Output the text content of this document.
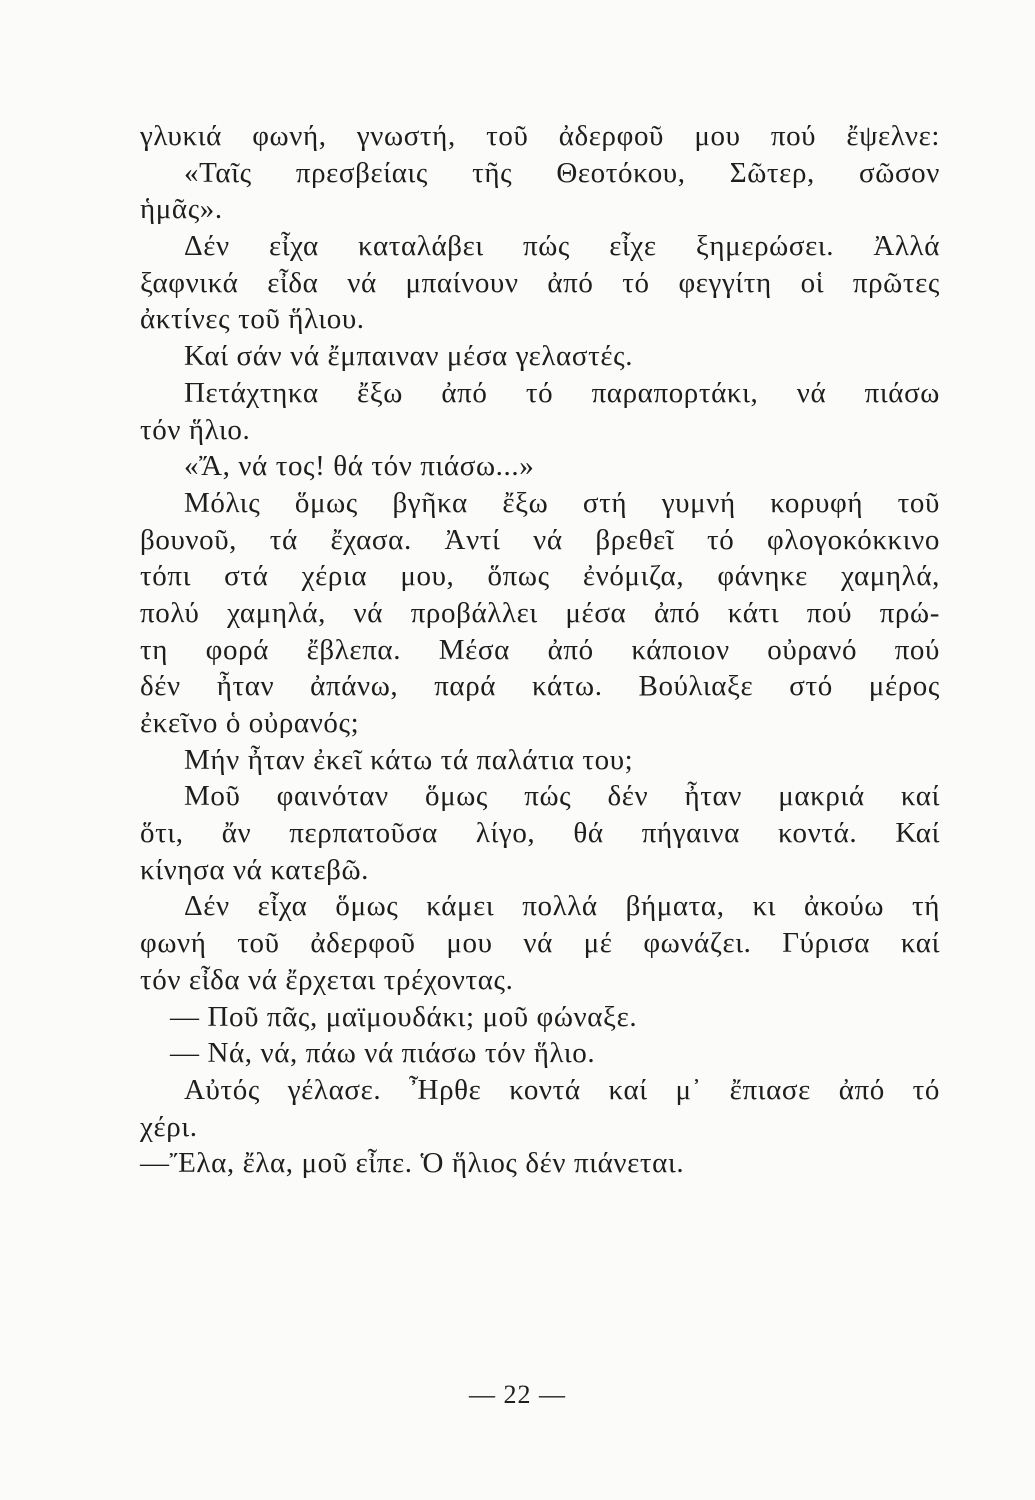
γλυκιά φωνή, γνωστή, τοῦ ἀδερφοῦ μου πού ἔψελνε:
«Ταῖς πρεσβείαις τῆς Θεοτόκου, Σῶτερ, σῶσον
ἡμᾶς».
Δέν εἶχα καταλάβει πώς εἶχε ξημερώσει. Ἀλλά
ξαφνικά εἶδα νά μπαίνουν ἀπό τό φεγγίτη οἱ πρῶτες
ἀκτίνες τοῦ ἥλιου.
Καί σάν νά ἔμπαιναν μέσα γελαστές.
Πετάχτηκα ἔξω ἀπό τό παραπορτάκι, νά πιάσω
τόν ἥλιο.
«Ἄ, νά τος! θά τόν πιάσω...»
Μόλις ὅμως βγῆκα ἔξω στή γυμνή κορυφή τοῦ
βουνοῦ, τά ἔχασα. Ἀντί νά βρεθεῖ τό φλογοκόκκινο
τόπι στά χέρια μου, ὅπως ἐνόμιζα, φάνηκε χαμηλά,
πολύ χαμηλά, νά προβάλλει μέσα ἀπό κάτι πού πρώ-
τη φορά ἔβλεπα. Μέσα ἀπό κάποιον οὐρανό πού
δέν ἦταν ἀπάνω, παρά κάτω. Βούλιαξε στό μέρος
ἐκεῖνο ὁ οὐρανός;
Μήν ἦταν ἐκεῖ κάτω τά παλάτια του;
Μοῦ φαινόταν ὅμως πώς δέν ἦταν μακριά καί
ὅτι, ἄν περπατοῦσα λίγο, θά πήγαινα κοντά. Καί
κίνησα νά κατεβῶ.
Δέν εἶχα ὅμως κάμει πολλά βήματα, κι ἀκούω τή
φωνή τοῦ ἀδερφοῦ μου νά μέ φωνάζει. Γύρισα καί
τόν εἶδα νά ἔρχεται τρέχοντας.
— Ποῦ πᾶς, μαϊμουδάκι; μοῦ φώναξε.
— Νά, νά, πάω νά πιάσω τόν ἥλιο.
Αὐτός γέλασε. Ἦρθε κοντά καί μ᾽ ἔπιασε ἀπό τό
χέρι.
—Ἔλα, ἔλα, μοῦ εἶπε. Ὁ ἥλιος δέν πιάνεται.
— 22 —
